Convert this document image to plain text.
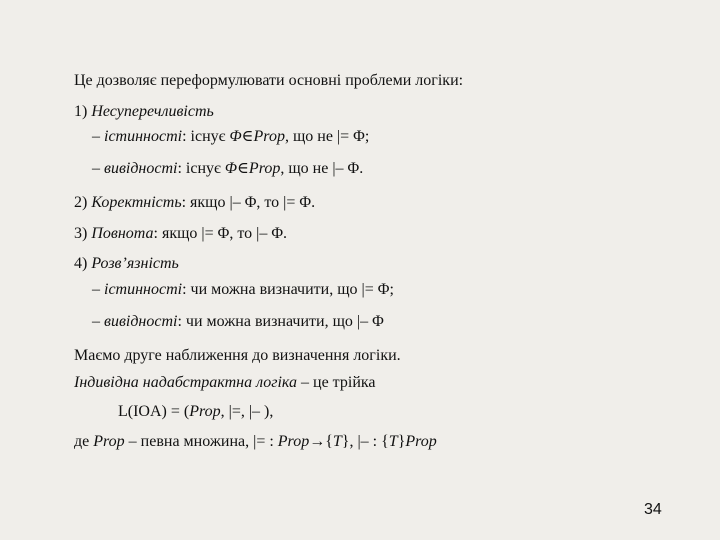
Це дозволяє переформулювати основні проблеми логіки:
1) Несуперечливість
– істинності: існує Φ∈Prop, що не |= Φ;
– вивідності: існує Φ∈Prop, що не |– Φ.
2) Коректність: якщо |– Φ, то |= Φ.
3) Повнота: якщо |= Φ, то |– Φ.
4) Розв’язність
– істинності: чи можна визначити, що |= Φ;
– вивідності: чи можна визначити, що |– Φ
Маємо друге наближення до визначення логіки.
Індивідна надабстрактна логіка – це трійка
L(IOA) = (Prop, |=, |– ),
де Prop – певна множина, |= : Prop→{T}, |– : {T}Prop
34
